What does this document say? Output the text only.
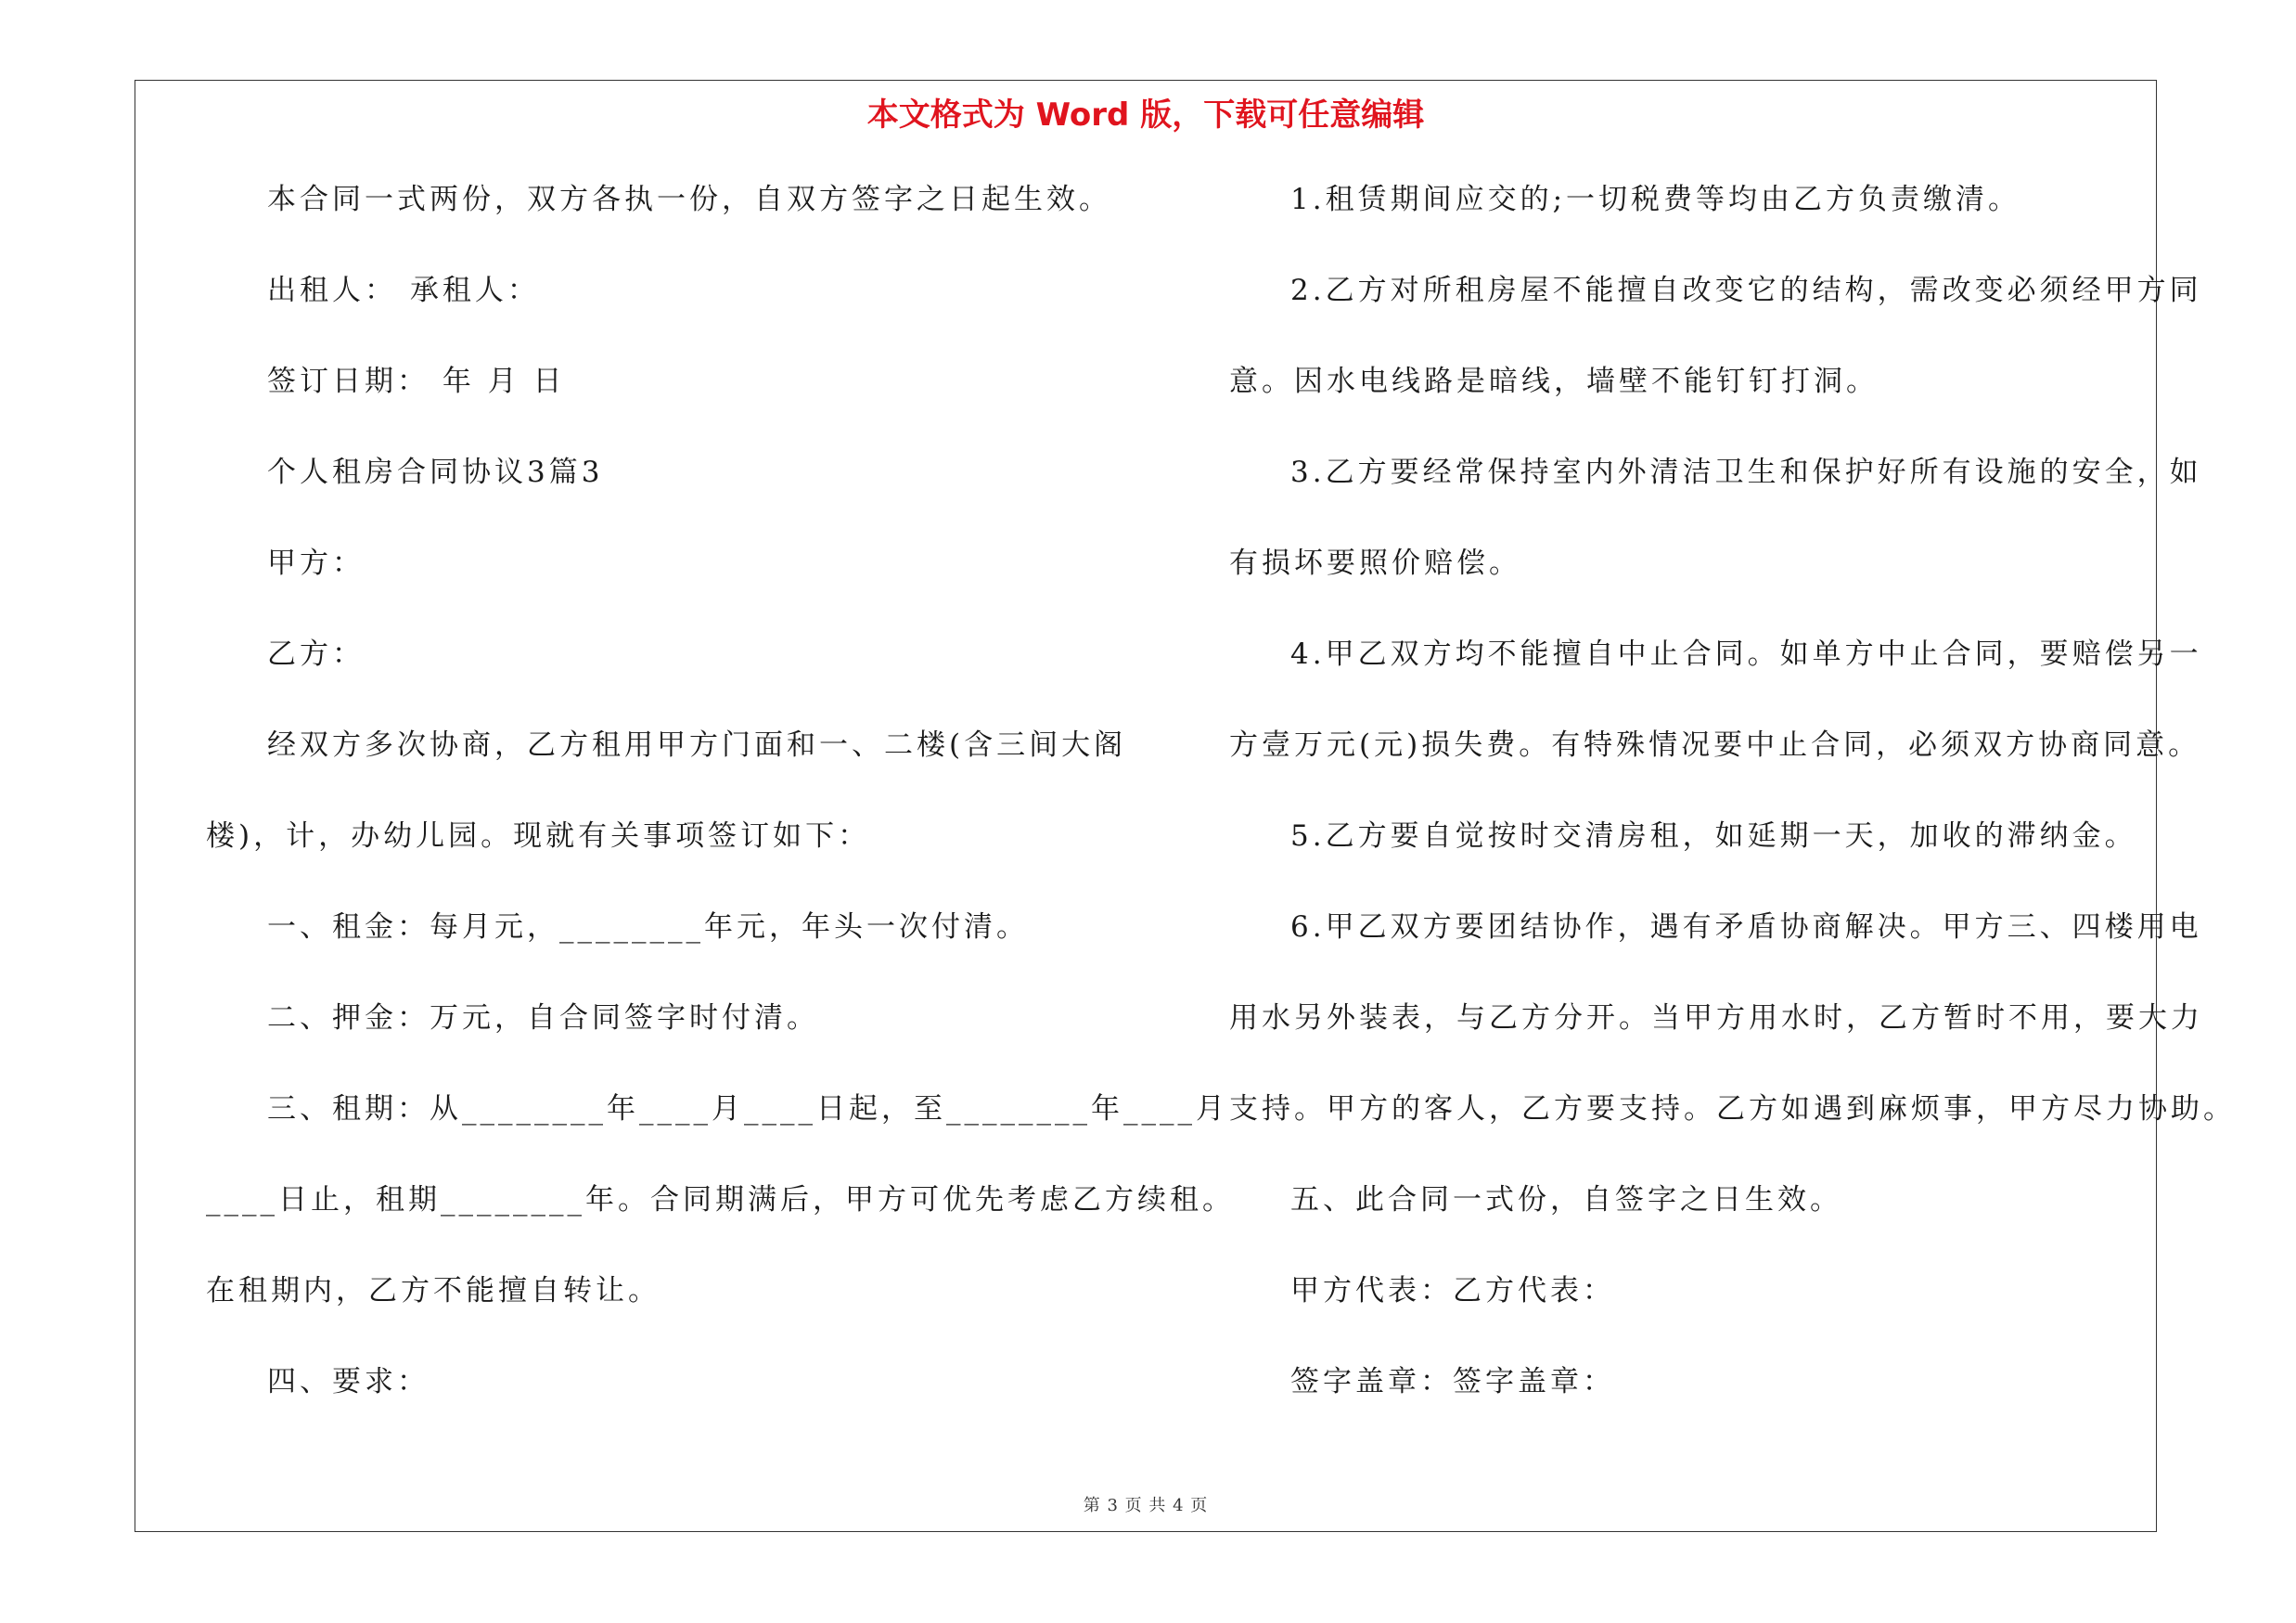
本文格式为 Word 版，下载可任意编辑
本合同一式两份，双方各执一份，自双方签字之日起生效。
出租人： 承租人：
签订日期： 年 月 日
个人租房合同协议3篇3
甲方：
乙方：
经双方多次协商，乙方租用甲方门面和一、二楼(含三间大阁
楼)，计，办幼儿园。现就有关事项签订如下：
一、租金：每月元，________年元，年头一次付清。
二、押金：万元，自合同签字时付清。
三、租期：从________年____月____日起，至________年____月
____日止，租期________年。合同期满后，甲方可优先考虑乙方续租。
在租期内，乙方不能擅自转让。
四、要求：
1.租赁期间应交的;一切税费等均由乙方负责缴清。
2.乙方对所租房屋不能擅自改变它的结构，需改变必须经甲方同
意。因水电线路是暗线，墙壁不能钉钉打洞。
3.乙方要经常保持室内外清洁卫生和保护好所有设施的安全，如
有损坏要照价赔偿。
4.甲乙双方均不能擅自中止合同。如单方中止合同，要赔偿另一
方壹万元(元)损失费。有特殊情况要中止合同，必须双方协商同意。
5.乙方要自觉按时交清房租，如延期一天，加收的滞纳金。
6.甲乙双方要团结协作，遇有矛盾协商解决。甲方三、四楼用电
用水另外装表，与乙方分开。当甲方用水时，乙方暂时不用，要大力
支持。甲方的客人，乙方要支持。乙方如遇到麻烦事，甲方尽力协助。
五、此合同一式份，自签字之日生效。
甲方代表：乙方代表：
签字盖章：签字盖章：
第 3 页 共 4 页
